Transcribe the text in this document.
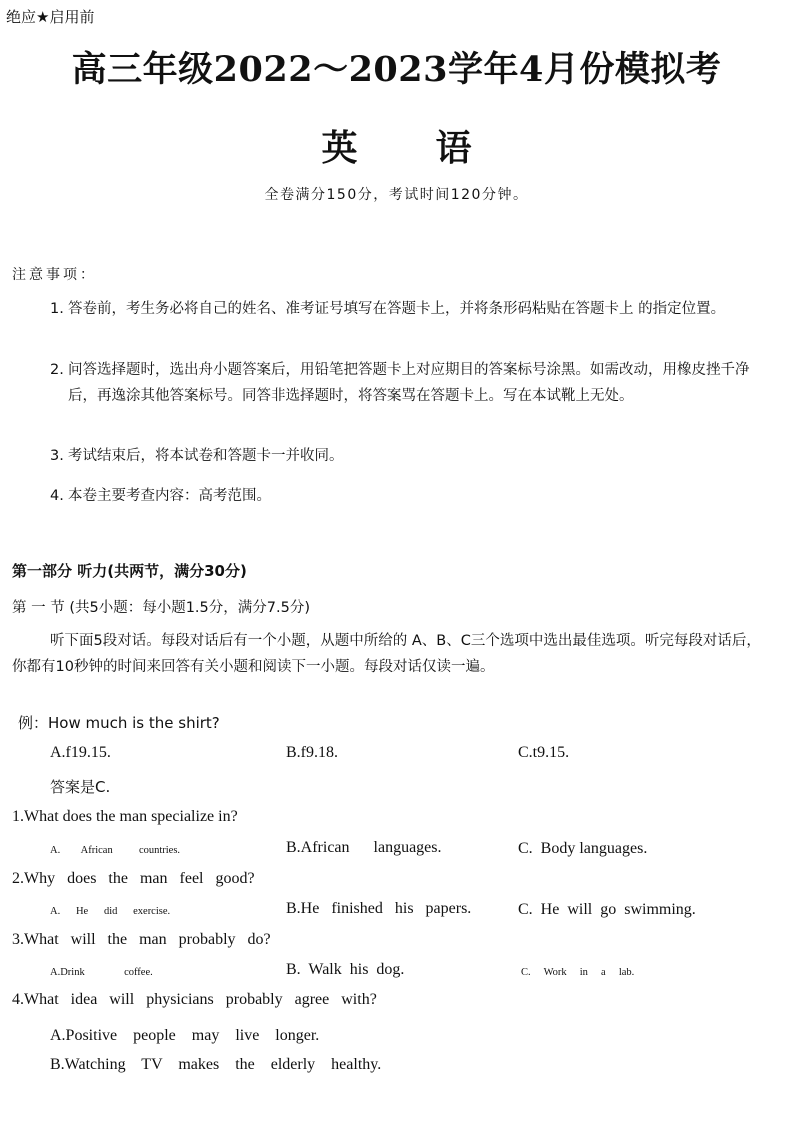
绝应★启用前
高三年级2022～2023学年4月份模拟考
英 语
全卷满分150分，考试时间120分钟。
注意事项：
1. 答卷前，考生务必将自己的姓名、准考证号填写在答题卡上，并将条形码粘贴在答题卡上 的指定位置。
2. 问答选择题时，选出舟小题答案后，用铅笔把答题卡上对应期目的答案标号涂黑。如需改动，用橡皮挫千净后，再逸涂其他答案标号。同答非选择题时，将答案骂在答题卡上。写在本试靴上无处。
3. 考试结束后，将本试卷和答题卡一并收同。
4. 本卷主要考查内容：高考范围。
第一部分 听力(共两节，满分30分)
第 一 节 (共5小题：每小题1.5分，满分7.5分)
听下面5段对话。每段对话后有一个小题，从题中所给的 A、B、C三个选项中选出最佳选项。听完每段对话后，你都有10秒钟的时间来回答有关小题和阅读下一小题。每段对话仅读一遍。
例：How much is the shirt?
A.f19.15.	B.f9.18.	C.t9.15.
答案是C.
1.What does the man specialize in?
A.        African          countries.	B.African      languages.	C.  Body languages.
2.Why   does   the   man   feel   good?
A.      He      did      exercise.	B.He   finished   his   papers.	C.  He  will  go  swimming.
3.What   will   the   man   probably   do?
A.Drink               coffee.	B.  Walk  his  dog.	C.     Work     in     a     lab.
4.What   idea   will   physicians   probably   agree   with?
A.Positive    people    may    live    longer.
B.Watching    TV    makes    the    elderly    healthy.
